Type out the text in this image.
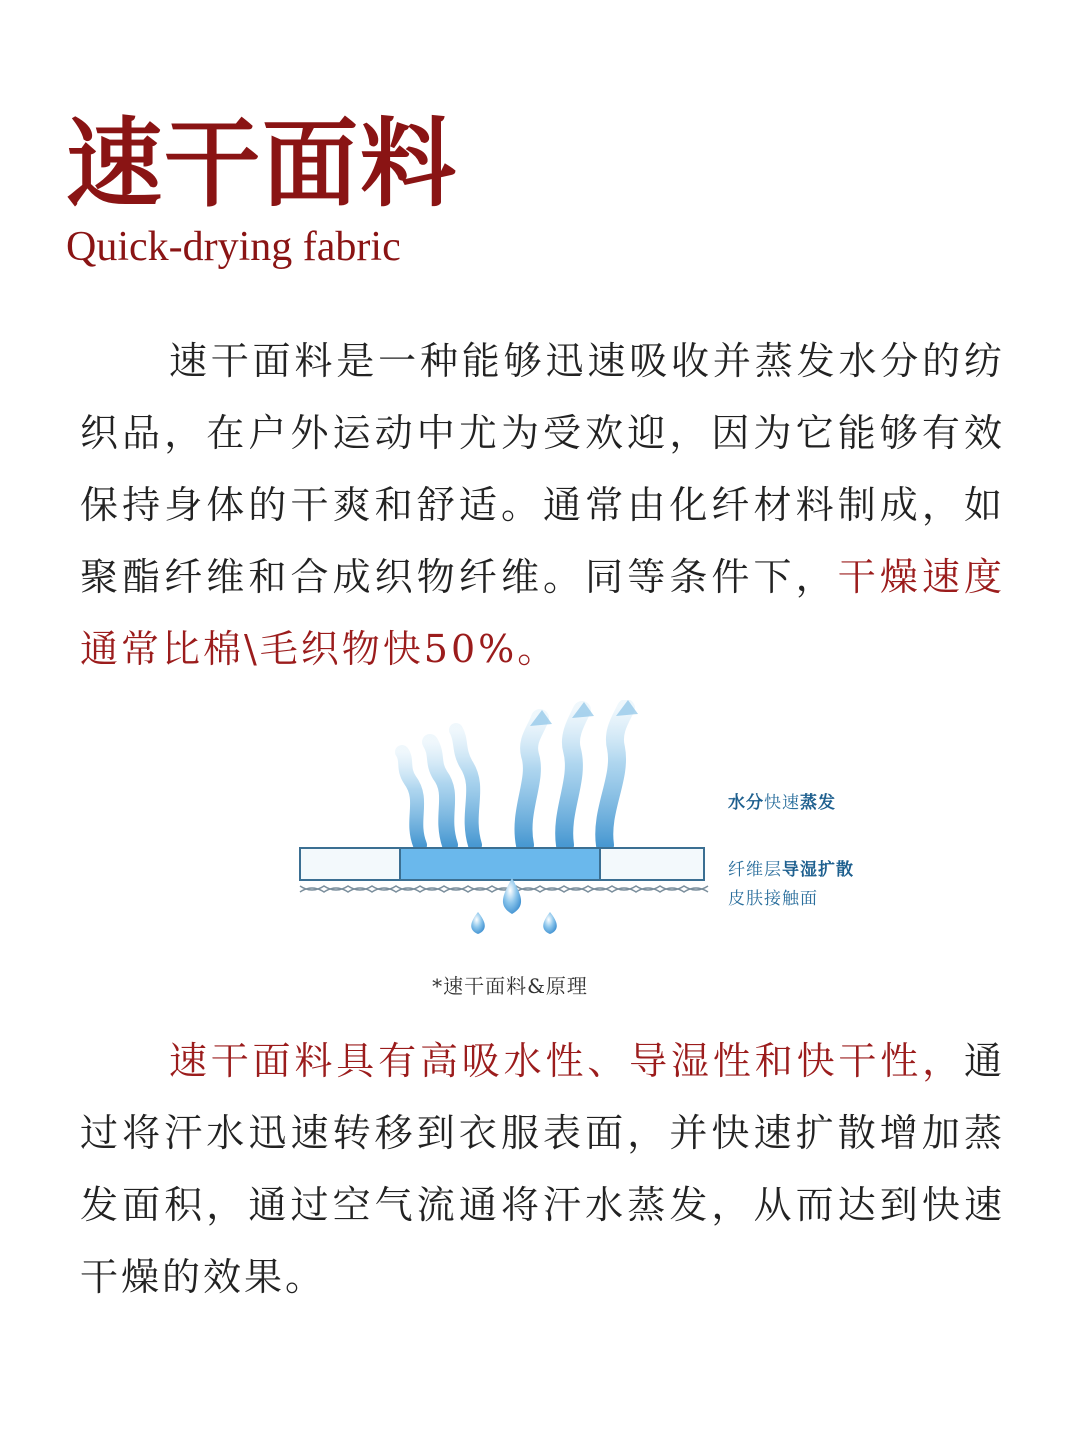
速干面料
Quick-drying fabric
速干面料是一种能够迅速吸收并蒸发水分的纺织品，在户外运动中尤为受欢迎，因为它能够有效保持身体的干爽和舒适。通常由化纤材料制成，如聚酯纤维和合成织物纤维。同等条件下，干燥速度通常比棉\毛织物快50%。
水分快速蒸发
纤维层导湿扩散
皮肤接触面
*速干面料&原理
速干面料具有高吸水性、导湿性和快干性，通过将汗水迅速转移到衣服表面，并快速扩散增加蒸发面积，通过空气流通将汗水蒸发，从而达到快速干燥的效果。
